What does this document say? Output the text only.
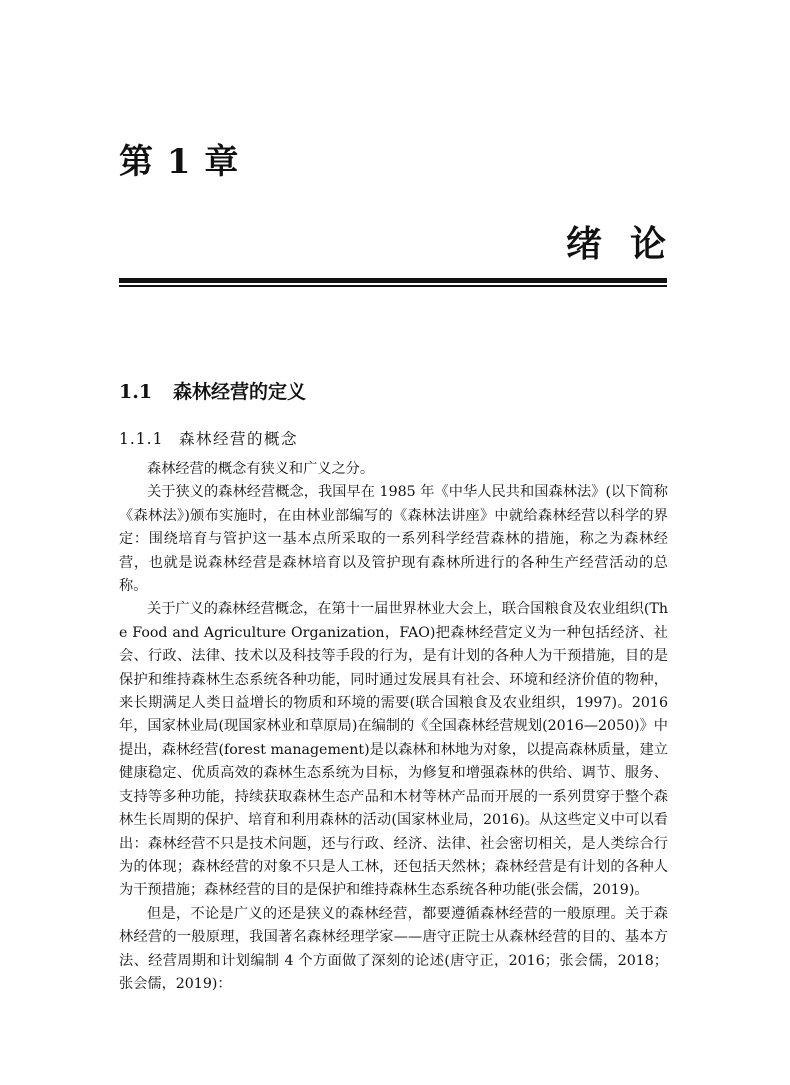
第 1 章
绪论
1.1 森林经营的定义
1.1.1 森林经营的概念

森林经营的概念有狭义和广义之分。

关于狭义的森林经营概念，我国早在 1985 年《中华人民共和国森林法》(以下简称《森林法》)颁布实施时，在由林业部编写的《森林法讲座》中就给森林经营以科学的界定：围绕培育与管护这一基本点所采取的一系列科学经营森林的措施，称之为森林经营，也就是说森林经营是森林培育以及管护现有森林所进行的各种生产经营活动的总称。

关于广义的森林经营概念，在第十一届世界林业大会上，联合国粮食及农业组织(The Food and Agriculture Organization，FAO)把森林经营定义为一种包括经济、社会、行政、法律、技术以及科技等手段的行为，是有计划的各种人为干预措施，目的是保护和维持森林生态系统各种功能，同时通过发展具有社会、环境和经济价值的物种，来长期满足人类日益增长的物质和环境的需要(联合国粮食及农业组织，1997)。2016 年，国家林业局(现国家林业和草原局)在编制的《全国森林经营规划(2016—2050)》中提出，森林经营(forest management)是以森林和林地为对象，以提高森林质量，建立健康稳定、优质高效的森林生态系统为目标，为修复和增强森林的供给、调节、服务、支持等多种功能，持续获取森林生态产品和木材等林产品而开展的一系列贯穿于整个森林生长周期的保护、培育和利用森林的活动(国家林业局，2016)。从这些定义中可以看出：森林经营不只是技术问题，还与行政、经济、法律、社会密切相关，是人类综合行为的体现；森林经营的对象不只是人工林，还包括天然林；森林经营是有计划的各种人为干预措施；森林经营的目的是保护和维持森林生态系统各种功能(张会儒，2019)。

但是，不论是广义的还是狭义的森林经营，都要遵循森林经营的一般原理。关于森林经营的一般原理，我国著名森林经理学家——唐守正院士从森林经营的目的、基本方法、经营周期和计划编制 4 个方面做了深刻的论述(唐守正，2016；张会儒，2018；张会儒，2019)：
